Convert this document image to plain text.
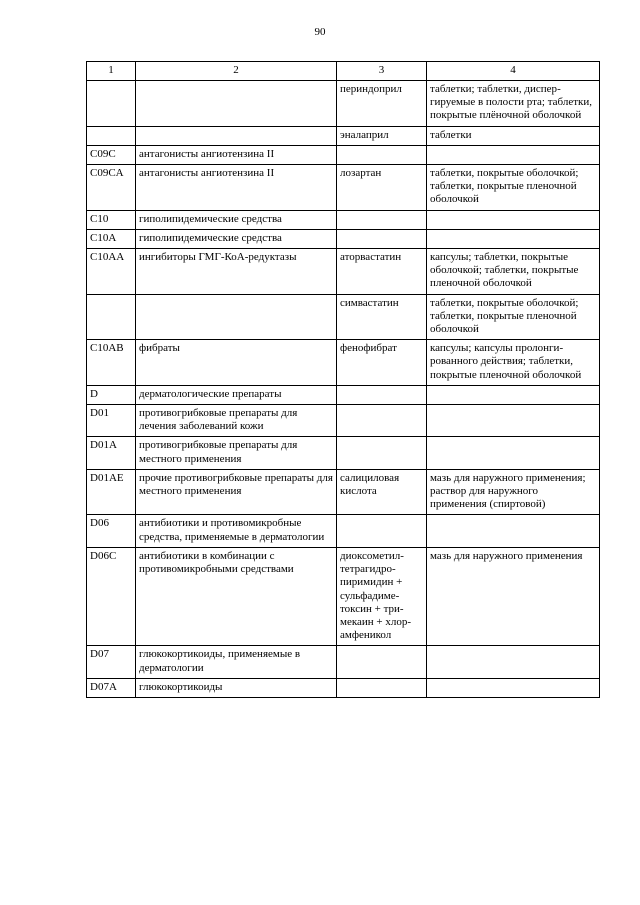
90
1	2	3	4
		периндоприл	таблетки; таблетки, диспергируемые в полости рта; таблетки, покрытые плёночной оболочкой
		эналаприл	таблетки
C09C	антагонисты ангиотензина II		
C09CA	антагонисты ангиотензина II	лозартан	таблетки, покрытые оболочкой; таблетки, покрытые пленочной оболочкой
C10	гиполипидемические средства		
C10A	гиполипидемические средства		
C10AA	ингибиторы ГМГ-КоА-редуктазы	аторвастатин	капсулы; таблетки, покрытые оболочкой; таблетки, покрытые пленочной оболочкой
		симвастатин	таблетки, покрытые оболочкой; таблетки, покрытые пленочной оболочкой
C10AB	фибраты	фенофибрат	капсулы; капсулы пролонгированного действия; таблетки, покрытые пленочной оболочкой
D	дерматологические препараты		
D01	противогрибковые препараты для лечения заболеваний кожи		
D01A	противогрибковые препараты для местного применения		
D01AE	прочие противогрибковые препараты для местного применения	салициловая кислота	мазь для наружного применения; раствор для наружного применения (спиртовой)
D06	антибиотики и противомикробные средства, применяемые в дерматологии		
D06C	антибиотики в комбинации с противомикробными средствами	диоксометилтетрагидропиримидин + сульфадиметоксин + тримекаин + хлорамфеникол	мазь для наружного применения
D07	глюкокортикоиды, применяемые в дерматологии		
D07A	глюкокортикоиды		
